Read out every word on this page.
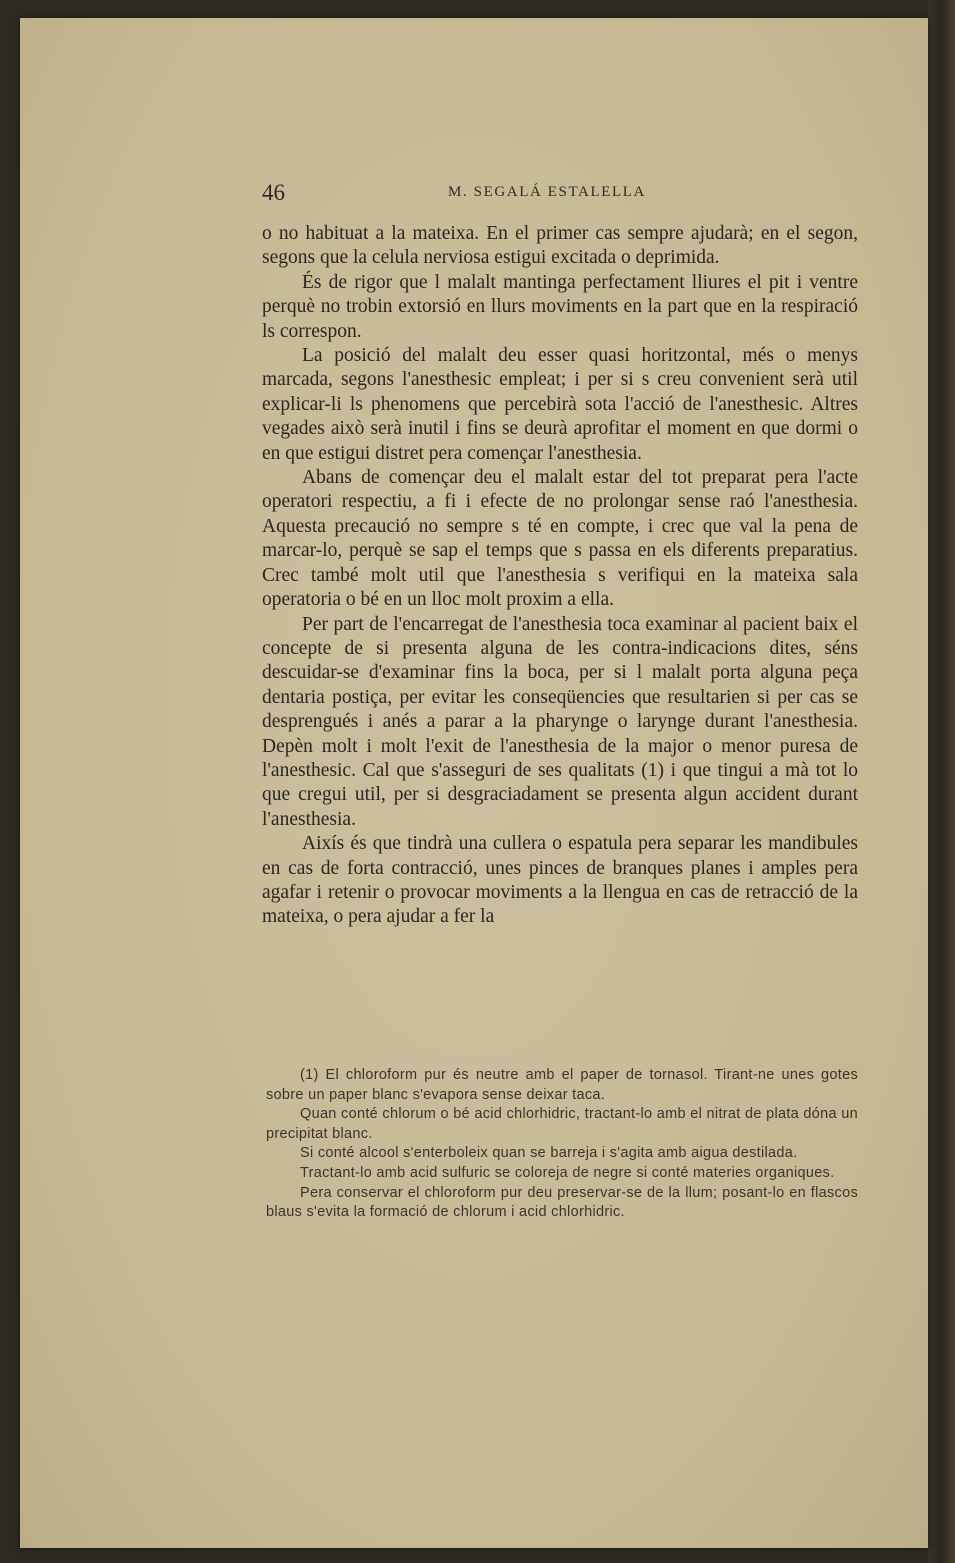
46	M. SEGALÁ ESTALELLA

o no habituat a la mateixa. En el primer cas sempre ajudarà; en el segon, segons que la celula nerviosa estigui excitada o deprimida.

És de rigor que l malalt mantinga perfectament lliures el pit i ventre perquè no trobin extorsió en llurs moviments en la part que en la respiració ls correspon.

La posició del malalt deu esser quasi horitzontal, més o menys marcada, segons l'anesthesic empleat; i per si s creu convenient serà util explicar-li ls phenomens que percebirà sota l'acció de l'anesthesic. Altres vegades això serà inutil i fins se deurà aprofitar el moment en que dormi o en que estigui distret pera començar l'anesthesia.

Abans de començar deu el malalt estar del tot preparat pera l'acte operatori respectiu, a fi i efecte de no prolongar sense raó l'anesthesia. Aquesta precaució no sempre s té en compte, i crec que val la pena de marcar-lo, perquè se sap el temps que s passa en els diferents preparatius. Crec també molt util que l'anesthesia s verifiqui en la mateixa sala operatoria o bé en un lloc molt proxim a ella.

Per part de l'encarregat de l'anesthesia toca examinar al pacient baix el concepte de si presenta alguna de les contra-indicacions dites, séns descuidar-se d'examinar fins la boca, per si l malalt porta alguna peça dentaria postiça, per evitar les conseqüencies que resultarien si per cas se desprengués i anés a parar a la pharynge o larynge durant l'anesthesia. Depèn molt i molt l'exit de l'anesthesia de la major o menor puresa de l'anesthesic. Cal que s'asseguri de ses qualitats (1) i que tingui a mà tot lo que cregui util, per si desgraciadament se presenta algun accident durant l'anesthesia.

Aixís és que tindrà una cullera o espatula pera separar les mandibules en cas de forta contracció, unes pinces de branques planes i amples pera agafar i retenir o provocar moviments a la llengua en cas de retracció de la mateixa, o pera ajudar a fer la

(1) El chloroform pur és neutre amb el paper de tornasol. Tirant-ne unes gotes sobre un paper blanc s'evapora sense deixar taca.

Quan conté chlorum o bé acid chlorhidric, tractant-lo amb el nitrat de plata dóna un precipitat blanc.

Si conté alcool s'enterboleix quan se barreja i s'agita amb aigua destilada.

Tractant-lo amb acid sulfuric se coloreja de negre si conté materies organiques.

Pera conservar el chloroform pur deu preservar-se de la llum; posant-lo en flascos blaus s'evita la formació de chlorum i acid chlorhidric.
